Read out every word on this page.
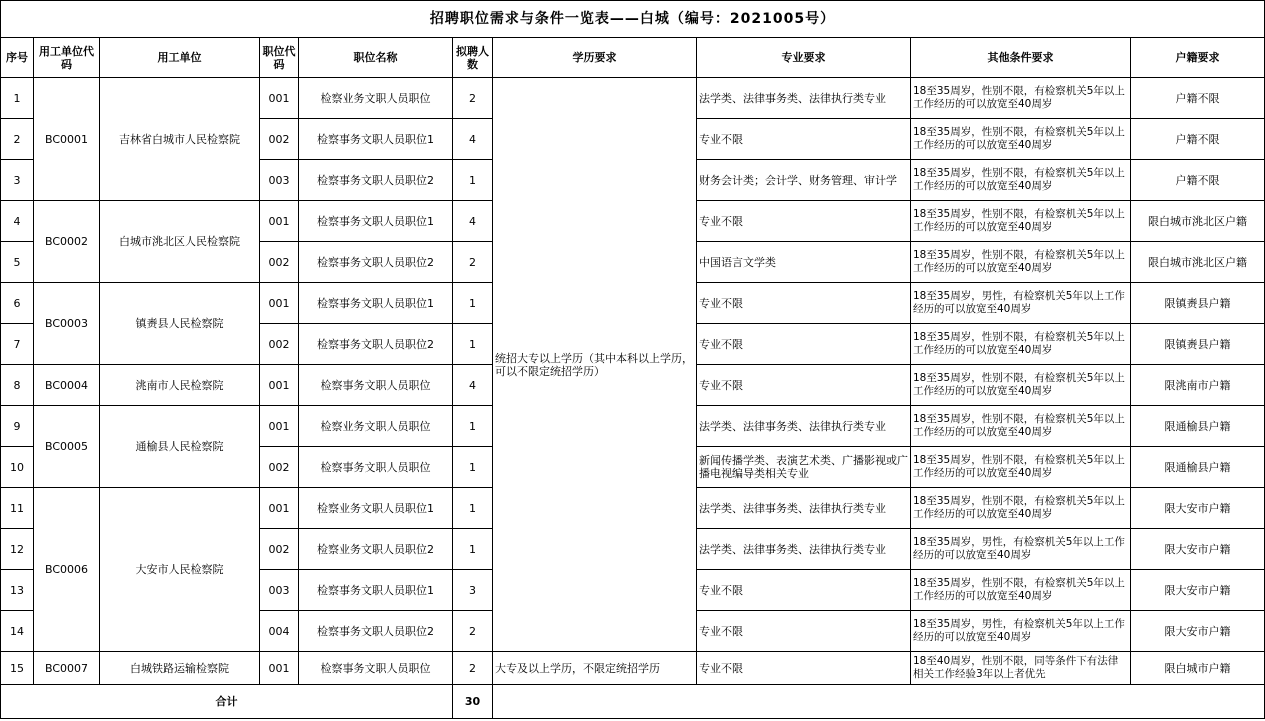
招聘职位需求与条件一览表——白城（编号：2021005号）									
序号	用工单位代码	用工单位	职位代码	职位名称	拟聘人数	学历要求	专业要求	其他条件要求	户籍要求
1	BC0001	吉林省白城市人民检察院	001	检察业务文职人员职位	2	统招大专以上学历（其中本科以上学历，可以不限定统招学历）	法学类、法律事务类、法律执行类专业	18至35周岁，性别不限，有检察机关5年以上工作经历的可以放宽至40周岁	户籍不限
2			002	检察事务文职人员职位1	4		专业不限	18至35周岁，性别不限，有检察机关5年以上工作经历的可以放宽至40周岁	户籍不限
3			003	检察事务文职人员职位2	1		财务会计类；会计学、财务管理、审计学	18至35周岁，性别不限，有检察机关5年以上工作经历的可以放宽至40周岁	户籍不限
4	BC0002	白城市洮北区人民检察院	001	检察事务文职人员职位1	4		专业不限	18至35周岁，性别不限，有检察机关5年以上工作经历的可以放宽至40周岁	限白城市洮北区户籍
5			002	检察事务文职人员职位2	2		中国语言文学类	18至35周岁，性别不限，有检察机关5年以上工作经历的可以放宽至40周岁	限白城市洮北区户籍
6	BC0003	镇赉县人民检察院	001	检察事务文职人员职位1	1		专业不限	18至35周岁，男性，有检察机关5年以上工作经历的可以放宽至40周岁	限镇赉县户籍
7			002	检察事务文职人员职位2	1		专业不限	18至35周岁，性别不限，有检察机关5年以上工作经历的可以放宽至40周岁	限镇赉县户籍
8	BC0004	洮南市人民检察院	001	检察事务文职人员职位	4		专业不限	18至35周岁，性别不限，有检察机关5年以上工作经历的可以放宽至40周岁	限洮南市户籍
9	BC0005	通榆县人民检察院	001	检察业务文职人员职位	1		法学类、法律事务类、法律执行类专业	18至35周岁，性别不限，有检察机关5年以上工作经历的可以放宽至40周岁	限通榆县户籍
10			002	检察事务文职人员职位	1		新闻传播学类、表演艺术类、广播影视或广播电视编导类相关专业	18至35周岁，性别不限，有检察机关5年以上工作经历的可以放宽至40周岁	限通榆县户籍
11	BC0006	大安市人民检察院	001	检察业务文职人员职位1	1		法学类、法律事务类、法律执行类专业	18至35周岁，性别不限，有检察机关5年以上工作经历的可以放宽至40周岁	限大安市户籍
12			002	检察业务文职人员职位2	1		法学类、法律事务类、法律执行类专业	18至35周岁，男性，有检察机关5年以上工作经历的可以放宽至40周岁	限大安市户籍
13			003	检察事务文职人员职位1	3		专业不限	18至35周岁，性别不限，有检察机关5年以上工作经历的可以放宽至40周岁	限大安市户籍
14			004	检察事务文职人员职位2	2		专业不限	18至35周岁，男性，有检察机关5年以上工作经历的可以放宽至40周岁	限大安市户籍
15	BC0007	白城铁路运输检察院	001	检察事务文职人员职位	2	大专及以上学历，不限定统招学历	专业不限	18至40周岁，性别不限，同等条件下有法律相关工作经验3年以上者优先	限白城市户籍
合计					30				
